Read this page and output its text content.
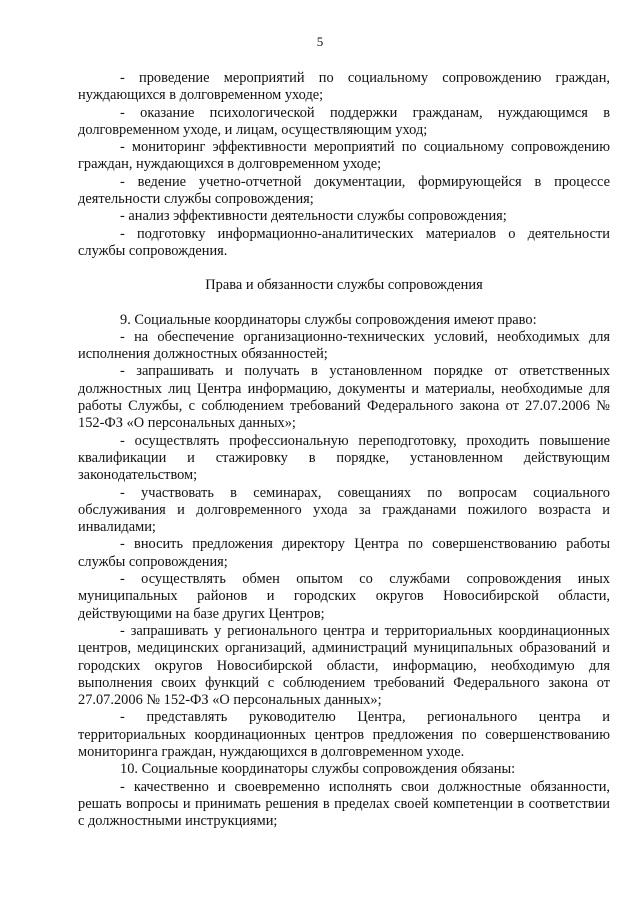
5

- проведение мероприятий по социальному сопровождению граждан, нуждающихся в долговременном уходе;

- оказание психологической поддержки гражданам, нуждающимся в долговременном уходе, и лицам, осуществляющим уход;

- мониторинг эффективности мероприятий по социальному сопровождению граждан, нуждающихся в долговременном уходе;

- ведение учетно-отчетной документации, формирующейся в процессе деятельности службы сопровождения;

- анализ эффективности деятельности службы сопровождения;

- подготовку информационно-аналитических материалов о деятельности службы сопровождения.

Права и обязанности службы сопровождения

9. Социальные координаторы службы сопровождения имеют право:

- на обеспечение организационно-технических условий, необходимых для исполнения должностных обязанностей;

- запрашивать и получать в установленном порядке от ответственных должностных лиц Центра информацию, документы и материалы, необходимые для работы Службы, с соблюдением требований Федерального закона от 27.07.2006 № 152-ФЗ «О персональных данных»;

- осуществлять профессиональную переподготовку, проходить повышение квалификации и стажировку в порядке, установленном действующим законодательством;

- участвовать в семинарах, совещаниях по вопросам социального обслуживания и долговременного ухода за гражданами пожилого возраста и инвалидами;

- вносить предложения директору Центра по совершенствованию работы службы сопровождения;

- осуществлять обмен опытом со службами сопровождения иных муниципальных районов и городских округов Новосибирской области, действующими на базе других Центров;

- запрашивать у регионального центра и территориальных координационных центров, медицинских организаций, администраций муниципальных образований и городских округов Новосибирской области, информацию, необходимую для выполнения своих функций с соблюдением требований Федерального закона от 27.07.2006 № 152-ФЗ «О персональных данных»;

- представлять руководителю Центра, регионального центра и территориальных координационных центров предложения по совершенствованию мониторинга граждан, нуждающихся в долговременном уходе.

10. Социальные координаторы службы сопровождения обязаны:

- качественно и своевременно исполнять свои должностные обязанности, решать вопросы и принимать решения в пределах своей компетенции в соответствии с должностными инструкциями;
